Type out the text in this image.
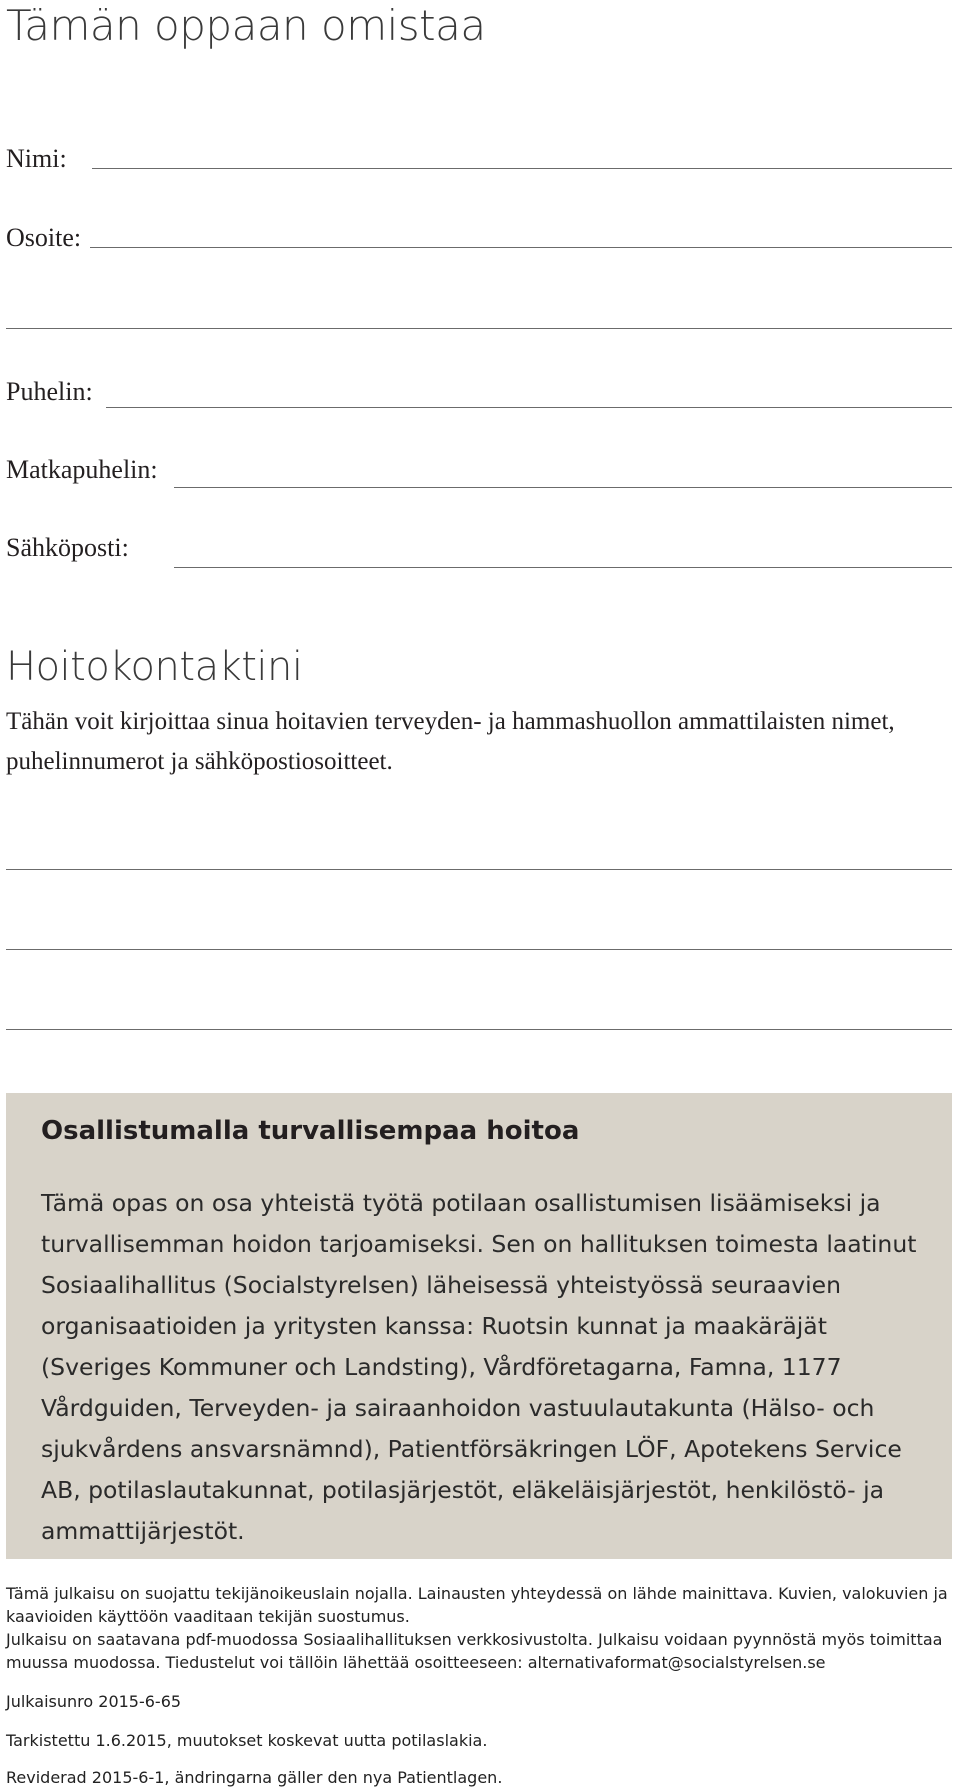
Tämän oppaan omistaa
Nimi:
Osoite:
Puhelin:
Matkapuhelin:
Sähköposti:
Hoitokontaktini
Tähän voit kirjoittaa sinua hoitavien terveyden- ja hammashuollon ammattilaisten nimet, puhelinnumerot ja sähköpostiosoitteet.
Osallistumalla turvallisempaa hoitoa
Tämä opas on osa yhteistä työtä potilaan osallistumisen lisäämiseksi ja turvallisemman hoidon tarjoamiseksi. Sen on hallituksen toimesta laatinut Sosiaalihallitus (Socialstyrelsen) läheisessä yhteistyössä seuraavien organisaatioiden ja yritysten kanssa: Ruotsin kunnat ja maakäräjät (Sveriges Kommuner och Landsting), Vårdföretagarna, Famna, 1177 Vårdguiden, Terveyden- ja sairaanhoidon vastuulautakunta (Hälso- och sjukvårdens ansvarsnämnd), Patientförsäkringen LÖF, Apotekens Service AB, potilaslautakunnat, potilasjärjestöt, eläkeläisjärjestöt, henkilöstö- ja ammattijärjestöt.
Tämä julkaisu on suojattu tekijänoikeuslain nojalla. Lainausten yhteydessä on lähde mainittava. Kuvien, valokuvien ja kaavioiden käyttöön vaaditaan tekijän suostumus.
Julkaisu on saatavana pdf-muodossa Sosiaalihallituksen verkkosivustolta. Julkaisu voidaan pyynnöstä myös toimittaa muussa muodossa. Tiedustelut voi tällöin lähettää osoitteeseen: alternativaformat@socialstyrelsen.se
Julkaisunro 2015-6-65
Tarkistettu 1.6.2015, muutokset koskevat uutta potilaslakia.
Reviderad 2015-6-1, ändringarna gäller den nya Patientlagen.
